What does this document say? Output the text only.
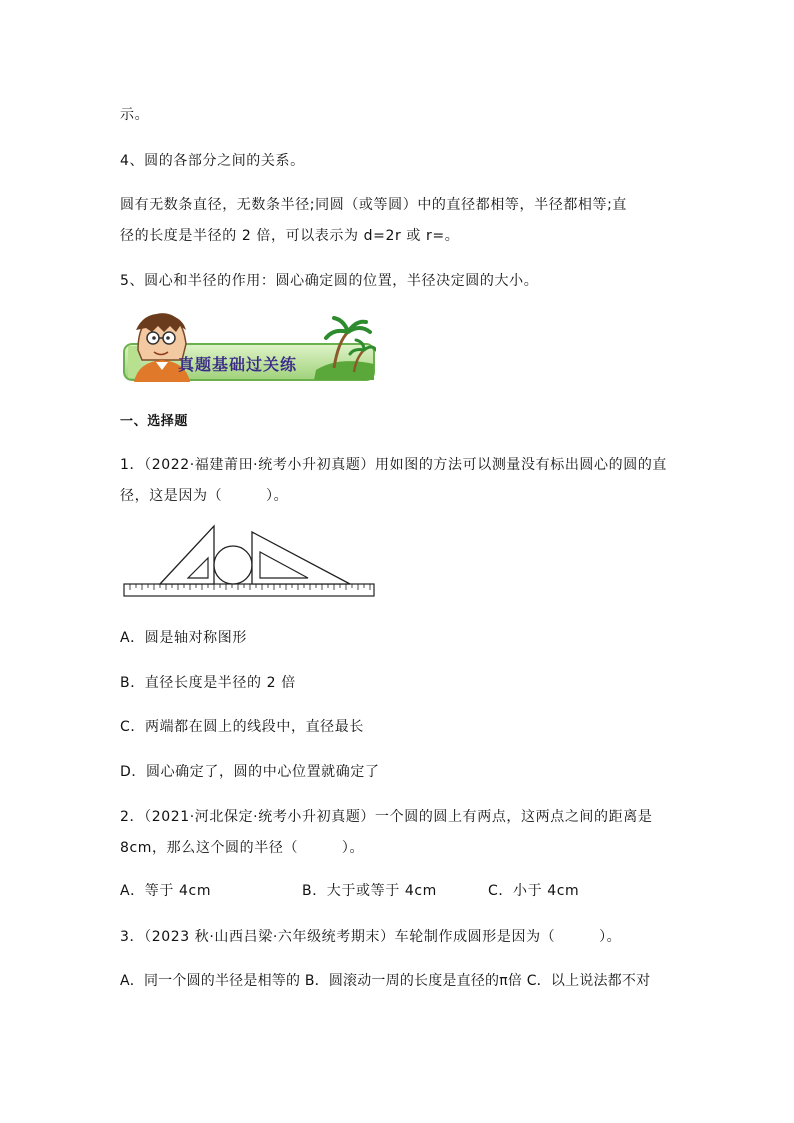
示。
4、圆的各部分之间的关系。
圆有无数条直径，无数条半径;同圆（或等圆）中的直径都相等，半径都相等;直
径的长度是半径的 2 倍，可以表示为 d=2r 或 r=。
5、圆心和半径的作用：圆心确定圆的位置，半径决定圆的大小。
真题基础过关练
一、选择题
1．（2022·福建莆田·统考小升初真题）用如图的方法可以测量没有标出圆心的圆的直
径，这是因为（　　　）。
A．圆是轴对称图形
B．直径长度是半径的 2 倍
C．两端都在圆上的线段中，直径最长
D．圆心确定了，圆的中心位置就确定了
2．（2021·河北保定·统考小升初真题）一个圆的圆上有两点，这两点之间的距离是
8cm，那么这个圆的半径（　　　）。
A．等于 4cm	B．大于或等于 4cm	C．小于 4cm
3．（2023 秋·山西吕梁·六年级统考期末）车轮制作成圆形是因为（　　　）。
A．同一个圆的半径是相等的 B．圆滚动一周的长度是直径的π倍 C．以上说法都不对
